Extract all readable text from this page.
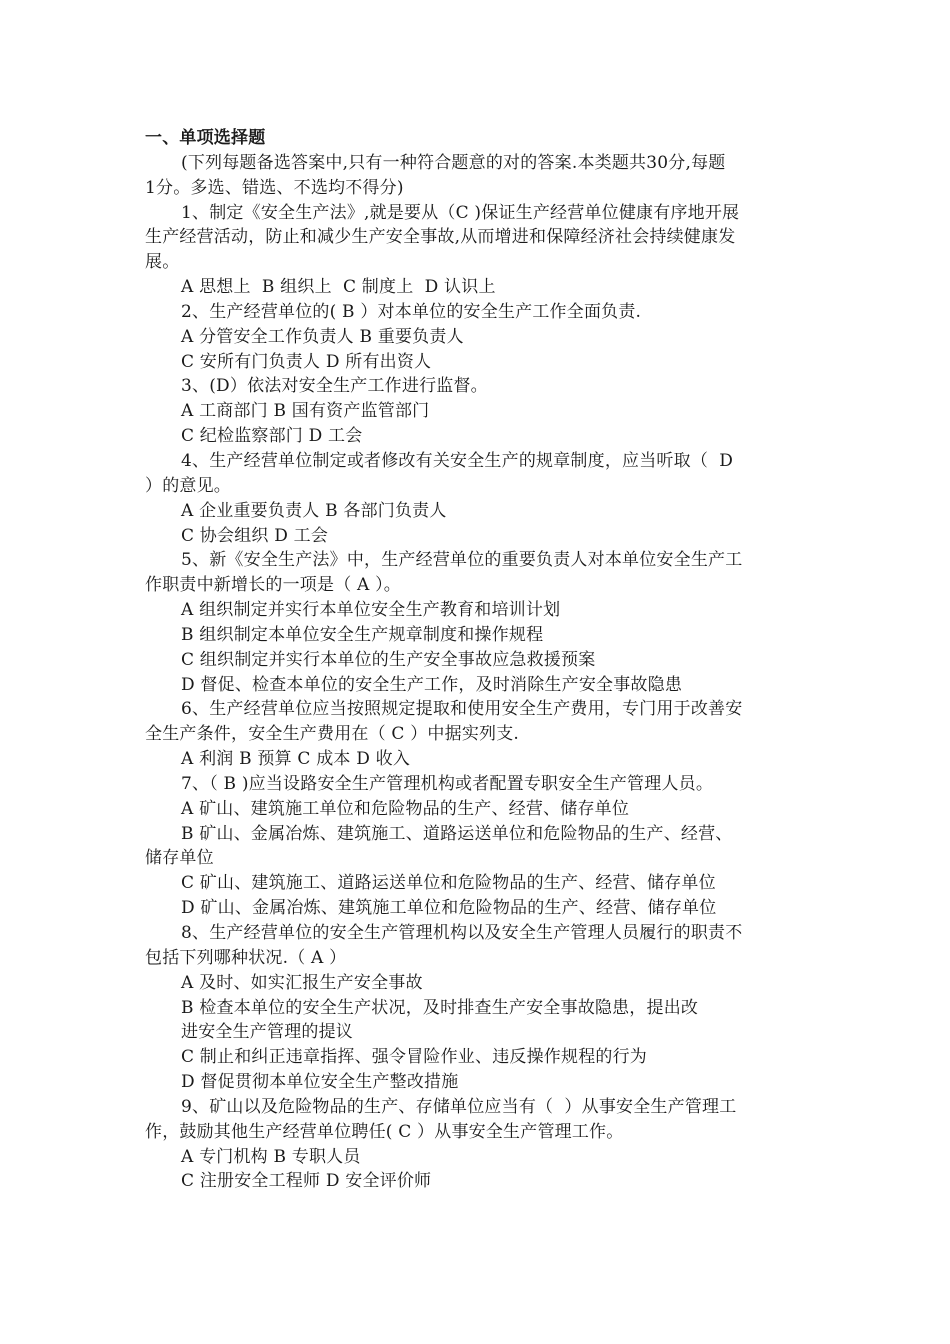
一、单项选择题
(下列每题备选答案中,只有一种符合题意的对的答案.本类题共30分,每题
1分。多选、错选、不选均不得分)
1、制定《安全生产法》,就是要从（C )保证生产经营单位健康有序地开展
生产经营活动，防止和减少生产安全事故,从而增进和保障经济社会持续健康发
展。
A 思想上  B 组织上  C 制度上  D 认识上
2、生产经营单位的( B ）对本单位的安全生产工作全面负责.
A 分管安全工作负责人 B 重要负责人
C 安所有门负责人 D 所有出资人
3、(D）依法对安全生产工作进行监督。
A 工商部门 B 国有资产监管部门
C 纪检监察部门 D 工会
4、生产经营单位制定或者修改有关安全生产的规章制度，应当听取（  D
）的意见。
A 企业重要负责人 B 各部门负责人
C 协会组织 D 工会
5、新《安全生产法》中，生产经营单位的重要负责人对本单位安全生产工
作职责中新增长的一项是（ A ）。
A 组织制定并实行本单位安全生产教育和培训计划
B 组织制定本单位安全生产规章制度和操作规程
C 组织制定并实行本单位的生产安全事故应急救援预案
D 督促、检查本单位的安全生产工作，及时消除生产安全事故隐患
6、生产经营单位应当按照规定提取和使用安全生产费用，专门用于改善安
全生产条件，安全生产费用在（ C ）中据实列支.
A 利润 B 预算 C 成本 D 收入
7、（ B )应当设路安全生产管理机构或者配置专职安全生产管理人员。
A 矿山、建筑施工单位和危险物品的生产、经营、储存单位
B 矿山、金属冶炼、建筑施工、道路运送单位和危险物品的生产、经营、
储存单位
C 矿山、建筑施工、道路运送单位和危险物品的生产、经营、储存单位
D 矿山、金属冶炼、建筑施工单位和危险物品的生产、经营、储存单位
8、生产经营单位的安全生产管理机构以及安全生产管理人员履行的职责不
包括下列哪种状况.（ A ）
A 及时、如实汇报生产安全事故
B 检查本单位的安全生产状况，及时排查生产安全事故隐患，提出改
进安全生产管理的提议
C 制止和纠正违章指挥、强令冒险作业、违反操作规程的行为
D 督促贯彻本单位安全生产整改措施
9、矿山以及危险物品的生产、存储单位应当有（  ）从事安全生产管理工
作，鼓励其他生产经营单位聘任( C ）从事安全生产管理工作。
A 专门机构 B 专职人员
C 注册安全工程师 D 安全评价师
